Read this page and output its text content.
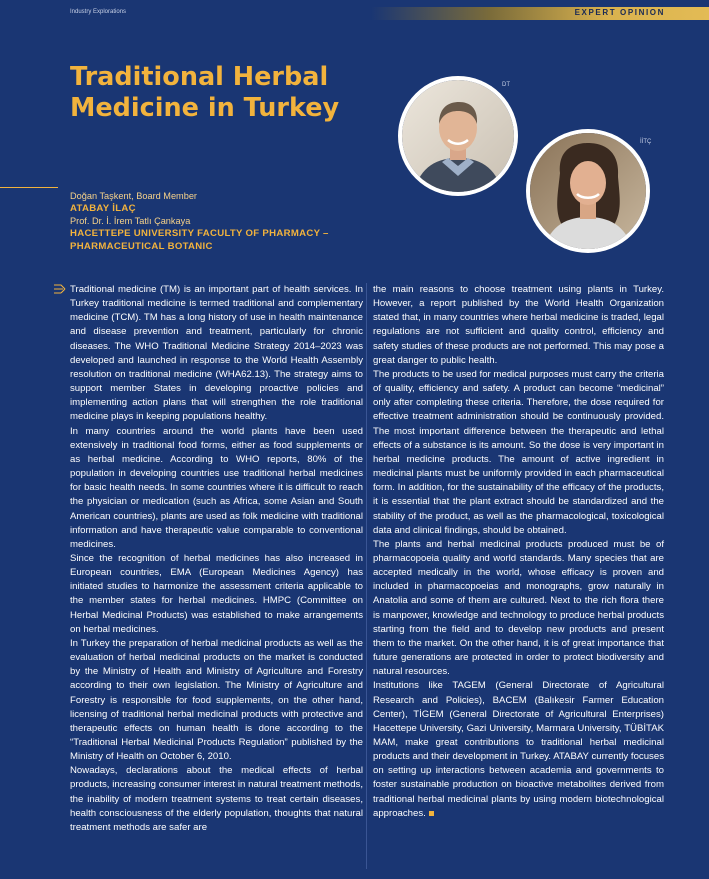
Industry Explorations	EXPERT OPINION
Traditional Herbal
Medicine in Turkey
DT
İİTÇ
Doğan Taşkent, Board Member
ATABAY İLAÇ
Prof. Dr. İ. İrem Tatlı Çankaya
HACETTEPE UNIVERSITY FACULTY OF PHARMACY –
PHARMACEUTICAL BOTANIC

Traditional medicine (TM) is an important part of health services. In Turkey traditional medicine is termed traditional and complementary medicine (TCM). TM has a long history of use in health maintenance and disease prevention and treatment, particularly for chronic diseases. The WHO Traditional Medicine Strategy 2014–2023 was developed and launched in response to the World Health Assembly resolution on traditional medicine (WHA62.13). The strategy aims to support member States in developing proactive policies and implementing action plans that will strengthen the role traditional medicine plays in keeping populations healthy.

In many countries around the world plants have been used extensively in traditional food forms, either as food supplements or as herbal medicine. According to WHO reports, 80% of the population in developing countries use traditional herbal medicines for basic health needs. In some countries where it is difficult to reach the physician or medication (such as Africa, some Asian and South American countries), plants are used as folk medicine with traditional information and have therapeutic value comparable to conventional medicines.

Since the recognition of herbal medicines has also increased in European countries, EMA (European Medicines Agency) has initiated studies to harmonize the assessment criteria applicable to the member states for herbal medicines. HMPC (Committee on Herbal Medicinal Products) was established to make arrangements on herbal medicines.

In Turkey the preparation of herbal medicinal products as well as the evaluation of herbal medicinal products on the market is conducted by the Ministry of Health and Ministry of Agriculture and Forestry according to their own legislation. The Ministry of Agriculture and Forestry is responsible for food supplements, on the other hand, licensing of traditional herbal medicinal products with protective and therapeutic effects on human health is done according to the “Traditional Herbal Medicinal Products Regulation” published by the Ministry of Health on October 6, 2010.

Nowadays, declarations about the medical effects of herbal products, increasing consumer interest in natural treatment methods, the inability of modern treatment systems to treat certain diseases, health consciousness of the elderly population, thoughts that natural treatment methods are safer are

the main reasons to choose treatment using plants in Turkey. However, a report published by the World Health Organization stated that, in many countries where herbal medicine is traded, legal regulations are not sufficient and quality control, efficiency and safety studies of these products are not performed. This may pose a great danger to public health.

The products to be used for medical purposes must carry the criteria of quality, efficiency and safety. A product can become “medicinal” only after completing these criteria. Therefore, the dose required for effective treatment administration should be continuously provided. The most important difference between the therapeutic and lethal effects of a substance is its amount. So the dose is very important in herbal medicine products. The amount of active ingredient in medicinal plants must be uniformly provided in each pharmaceutical form. In addition, for the sustainability of the efficacy of the products, it is essential that the plant extract should be standardized and the stability of the product, as well as the pharmacological, toxicological data and clinical findings, should be obtained.

The plants and herbal medicinal products produced must be of pharmacopoeia quality and world standards. Many species that are accepted medically in the world, whose efficacy is proven and included in pharmacopoeias and monographs, grow naturally in Anatolia and some of them are cultured. Next to the rich flora there is manpower, knowledge and technology to produce herbal products starting from the field and to develop new products and present them to the market. On the other hand, it is of great importance that future generations are protected in order to protect biodiversity and natural resources.

Institutions like TAGEM (General Directorate of Agricultural Research and Policies), BACEM (Balıkesir Farmer Education Center), TİGEM (General Directorate of Agricultural Enterprises) Hacettepe University, Gazi University, Marmara University, TÜBİTAK MAM, make great contributions to traditional herbal medicinal products and their development in Turkey. ATABAY currently focuses on setting up interactions between academia and governments to foster sustainable production on bioactive metabolites derived from traditional herbal medicinal plants by using modern biotechnological approaches.
